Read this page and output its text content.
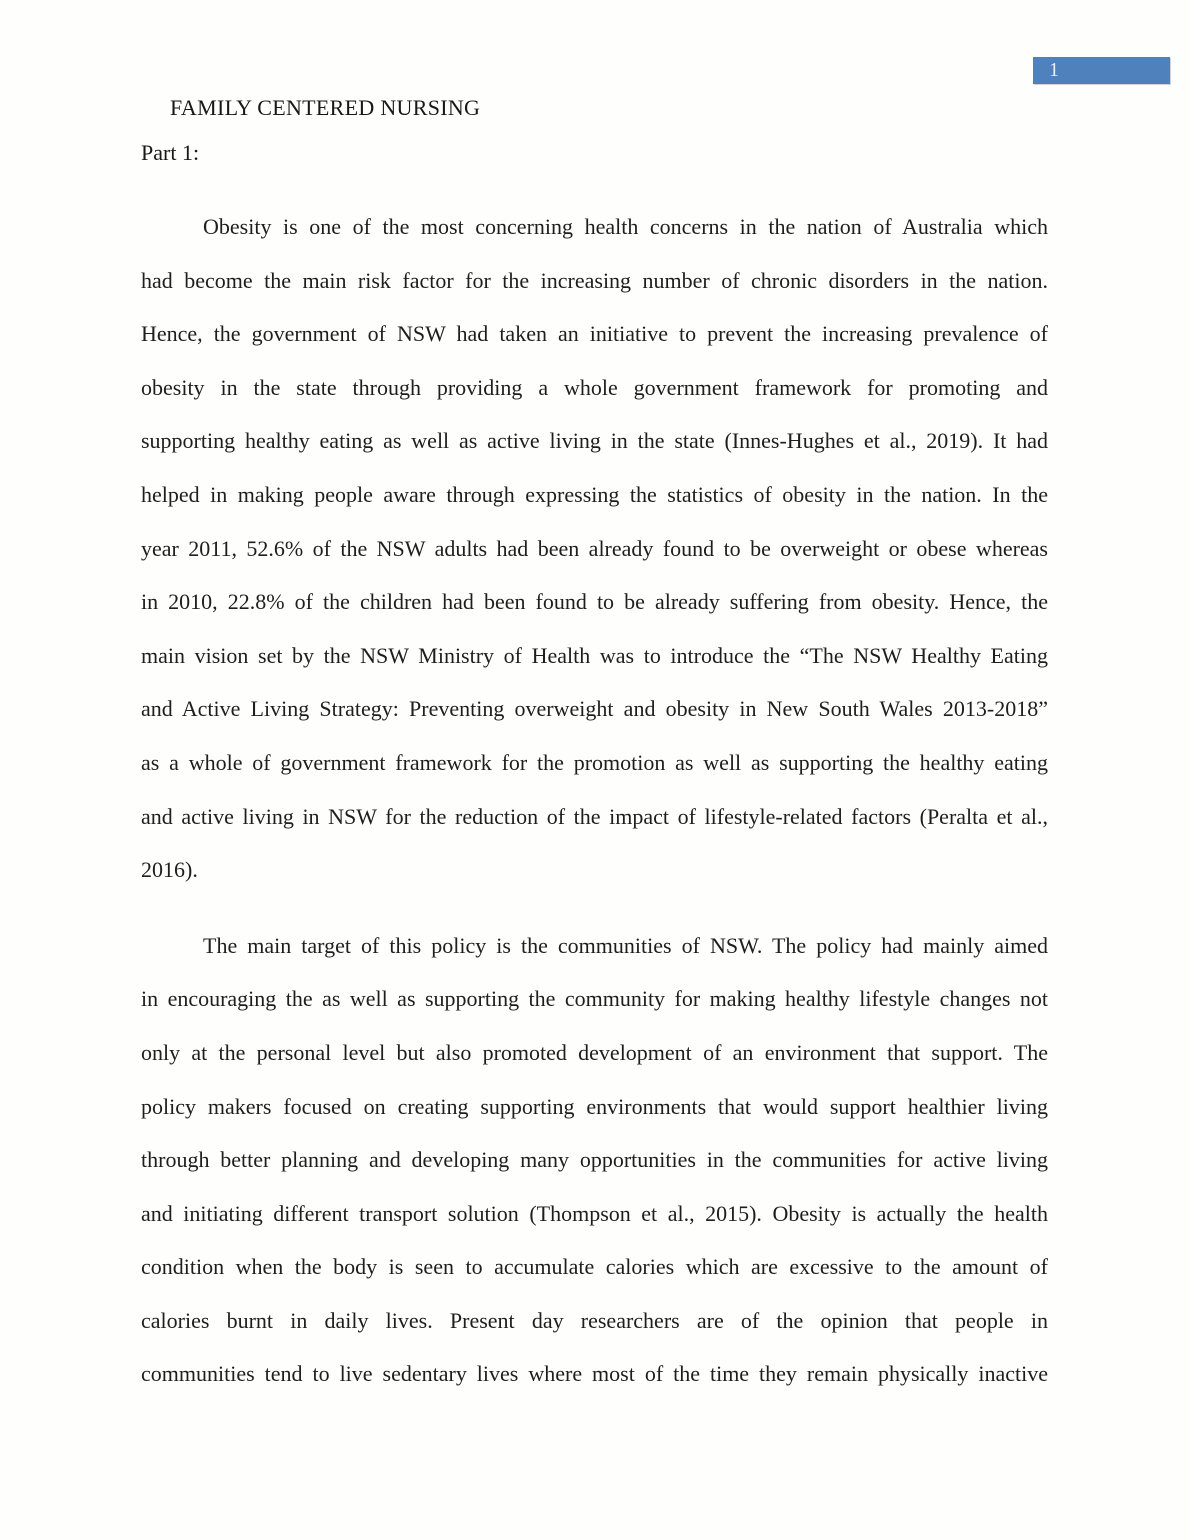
1
FAMILY CENTERED NURSING
Part 1:
Obesity is one of the most concerning health concerns in the nation of Australia which
had become the main risk factor for the increasing number of chronic disorders in the nation.
Hence, the government of NSW had taken an initiative to prevent the increasing prevalence of
obesity in the state through providing a whole government framework for promoting and
supporting healthy eating as well as active living in the state (Innes-Hughes et al., 2019). It had
helped in making people aware through expressing the statistics of obesity in the nation. In the
year 2011, 52.6% of the NSW adults had been already found to be overweight or obese whereas
in 2010, 22.8% of the children had been found to be already suffering from obesity. Hence, the
main vision set by the NSW Ministry of Health was to introduce the “The NSW Healthy Eating
and Active Living Strategy: Preventing overweight and obesity in New South Wales 2013-2018”
as a whole of government framework for the promotion as well as supporting the healthy eating
and active living in NSW for the reduction of the impact of lifestyle-related factors (Peralta et al.,
2016).
The main target of this policy is the communities of NSW. The policy had mainly aimed
in encouraging the as well as supporting the community for making healthy lifestyle changes not
only at the personal level but also promoted development of an environment that support. The
policy makers focused on creating supporting environments that would support healthier living
through better planning and developing many opportunities in the communities for active living
and initiating different transport solution (Thompson et al., 2015). Obesity is actually the health
condition when the body is seen to accumulate calories which are excessive to the amount of
calories burnt in daily lives. Present day researchers are of the opinion that people in
communities tend to live sedentary lives where most of the time they remain physically inactive
